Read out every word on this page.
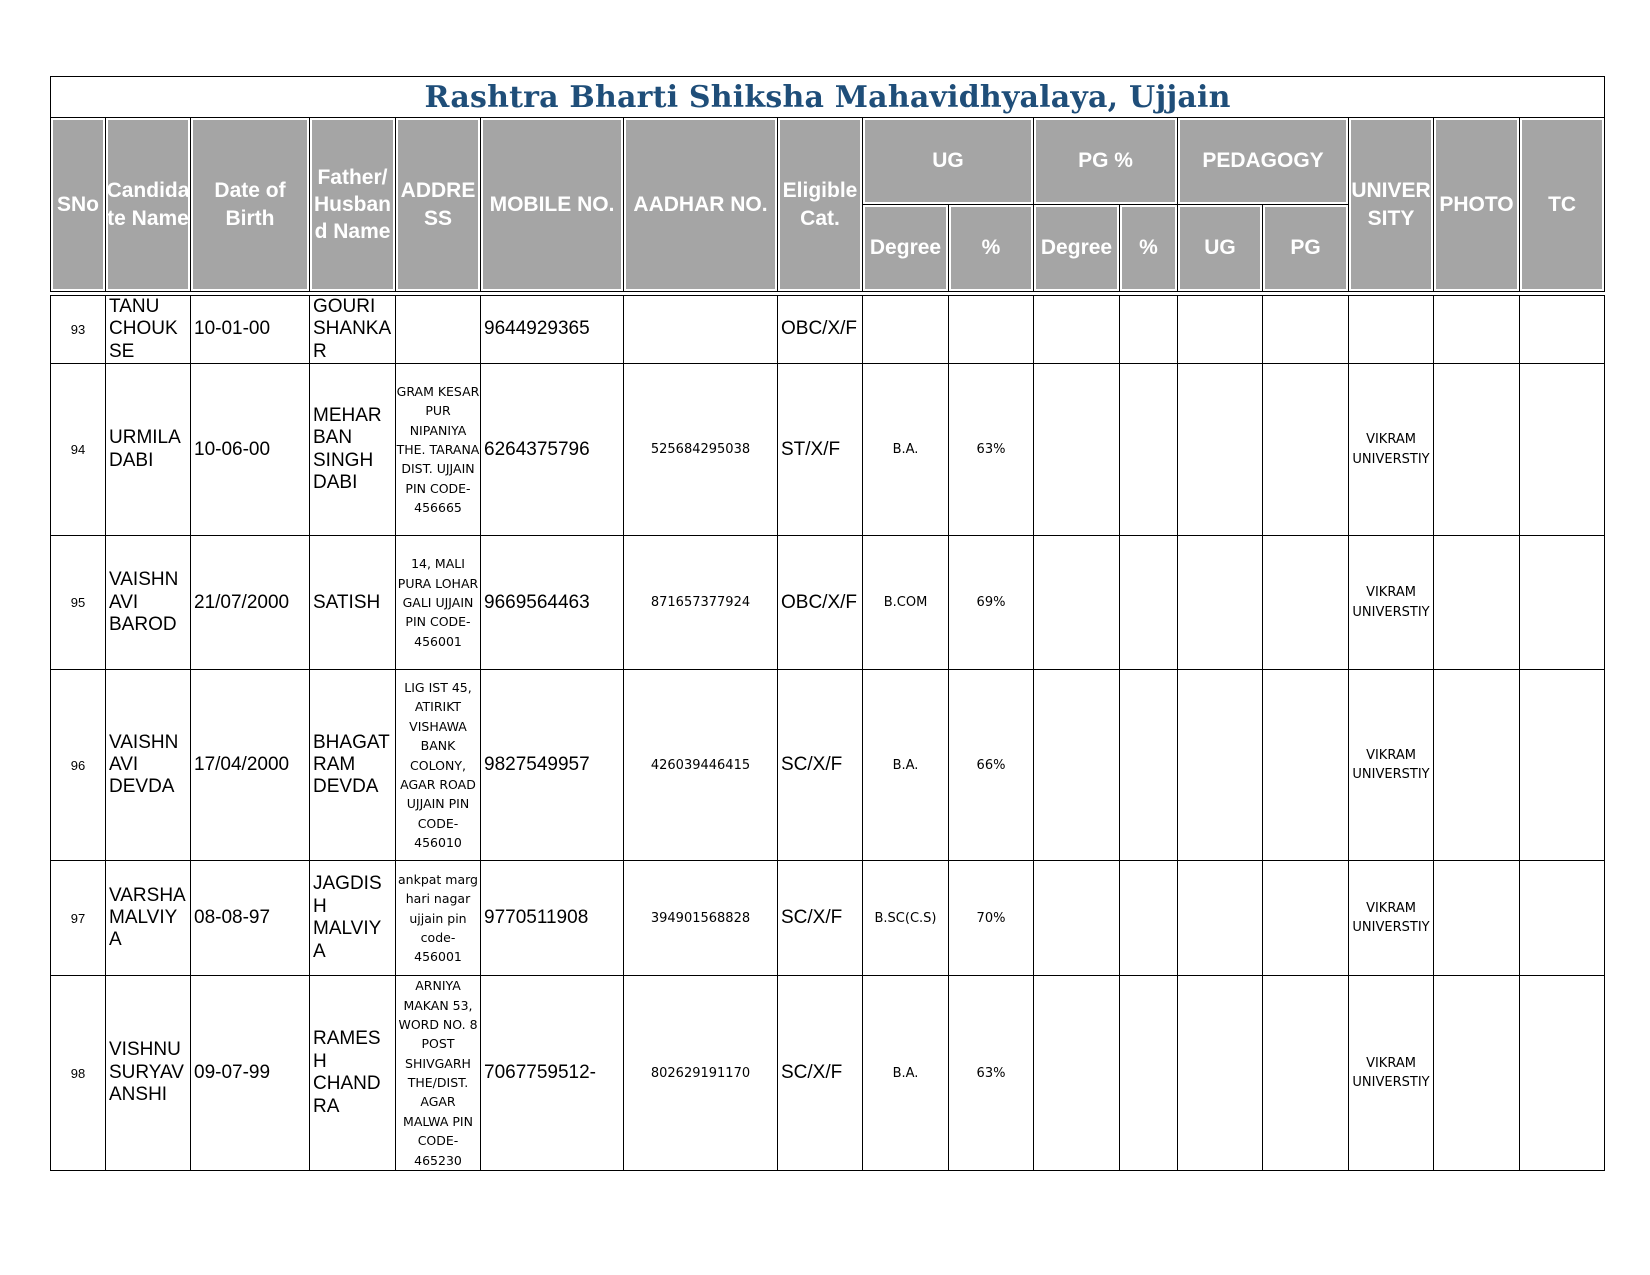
Rashtra Bharti Shiksha Mahavidhyalaya, Ujjain																
SNo	Candida te Name	Date of Birth	Father/ Husban d Name	ADDRE SS	MOBILE NO.	AADHAR NO.	Eligible Cat.	UG		PG %		PEDAGOGY		UNIVER SITY	PHOTO	TC
								Degree	%	Degree	%	UG	PG			

93	TANU CHOUK SE	10-01-00	GOURI SHANKA R		9644929365		OBC/X/F									
94	URMILA DABI	10-06-00	MEHAR BAN SINGH DABI	GRAM KESAR PUR NIPANIYA THE. TARANA DIST. UJJAIN PIN CODE- 456665	6264375796	525684295038	ST/X/F	B.A.	63%					VIKRAM UNIVERSTIY		
95	VAISHN AVI BAROD	21/07/2000	SATISH	14, MALI PURA LOHAR GALI UJJAIN PIN CODE- 456001	9669564463	871657377924	OBC/X/F	B.COM	69%					VIKRAM UNIVERSTIY		
96	VAISHN AVI DEVDA	17/04/2000	BHAGAT RAM DEVDA	LIG IST 45, ATIRIKT VISHAWA BANK COLONY, AGAR ROAD UJJAIN PIN CODE- 456010	9827549957	426039446415	SC/X/F	B.A.	66%					VIKRAM UNIVERSTIY		
97	VARSHA MALVIY A	08-08-97	JAGDIS H MALVIY A	ankpat marg hari nagar ujjain pin code- 456001	9770511908	394901568828	SC/X/F	B.SC(C.S)	70%					VIKRAM UNIVERSTIY		
98	VISHNU SURYAV ANSHI	09-07-99	RAMES H CHAND RA	ARNIYA MAKAN 53, WORD NO. 8 POST SHIVGARH THE/DIST. AGAR MALWA PIN CODE- 465230	7067759512-	802629191170	SC/X/F	B.A.	63%					VIKRAM UNIVERSTIY		
